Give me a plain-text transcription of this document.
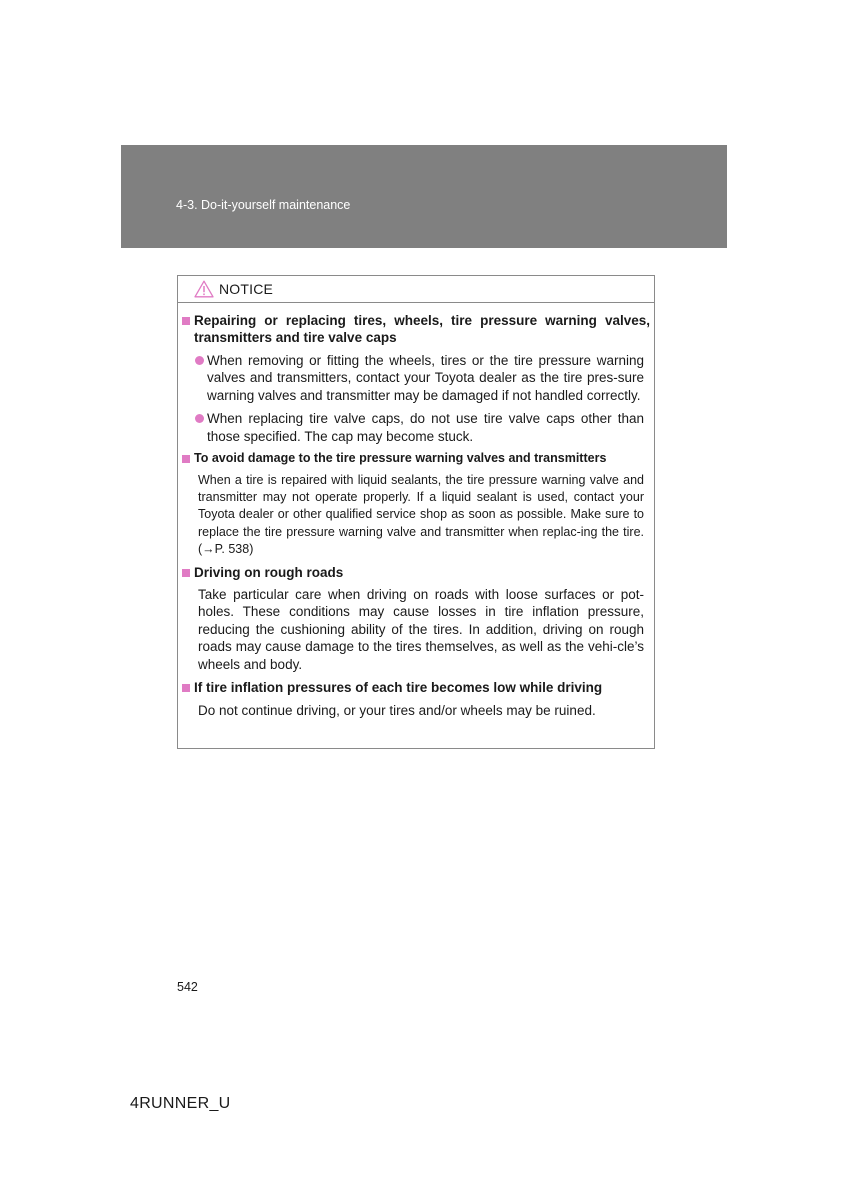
4-3. Do-it-yourself maintenance
NOTICE
Repairing or replacing tires, wheels, tire pressure warning valves, transmitters and tire valve caps
When removing or fitting the wheels, tires or the tire pressure warning valves and transmitters, contact your Toyota dealer as the tire pres-sure warning valves and transmitter may be damaged if not handled correctly.
When replacing tire valve caps, do not use tire valve caps other than those specified. The cap may become stuck.
To avoid damage to the tire pressure warning valves and transmitters
When a tire is repaired with liquid sealants, the tire pressure warning valve and transmitter may not operate properly. If a liquid sealant is used, contact your Toyota dealer or other qualified service shop as soon as possible. Make sure to replace the tire pressure warning valve and transmitter when replac-ing the tire. (→P. 538)
Driving on rough roads
Take particular care when driving on roads with loose surfaces or pot-holes. These conditions may cause losses in tire inflation pressure, reducing the cushioning ability of the tires. In addition, driving on rough roads may cause damage to the tires themselves, as well as the vehi-cle’s wheels and body.
If tire inflation pressures of each tire becomes low while driving
Do not continue driving, or your tires and/or wheels may be ruined.
542
4RUNNER_U
